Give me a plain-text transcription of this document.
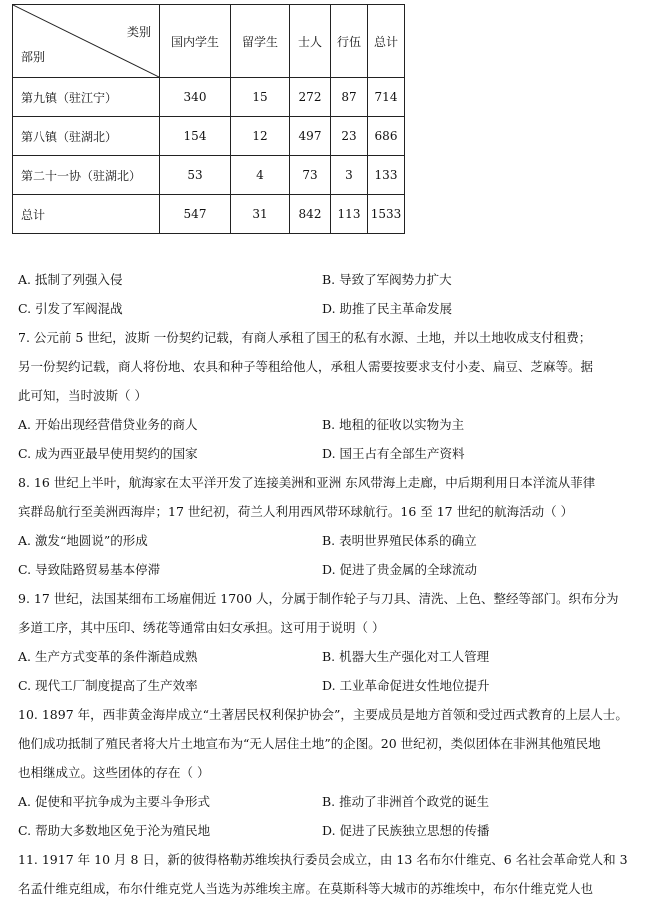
类别
部别	国内学生	留学生	士人	行伍	总计
第九镇（驻江宁）	340	15	272	87	714
第八镇（驻湖北）	154	12	497	23	686
第二十一协（驻湖北）	53	4	73	3	133
总计	547	31	842	113	1533
A. 抵制了列强入侵	B. 导致了军阀势力扩大
C. 引发了军阀混战	D. 助推了民主革命发展
7. 公元前 5 世纪，波斯 一份契约记载，有商人承租了国王的私有水源、土地，并以土地收成支付租费；
另一份契约记载，商人将份地、农具和种子等租给他人，承租人需要按要求支付小麦、扁豆、芝麻等。据
此可知，当时波斯（ ）
A. 开始出现经营借贷业务的商人	B. 地租的征收以实物为主
C. 成为西亚最早使用契约的国家	D. 国王占有全部生产资料
8. 16 世纪上半叶，航海家在太平洋开发了连接美洲和亚洲 东风带海上走廊，中后期利用日本洋流从菲律
宾群岛航行至美洲西海岸；17 世纪初，荷兰人利用西风带环球航行。16 至 17 世纪的航海活动（ ）
A. 激发“地圆说”的形成	B. 表明世界殖民体系的确立
C. 导致陆路贸易基本停滞	D. 促进了贵金属的全球流动
9. 17 世纪，法国某细布工场雇佣近 1700 人，分属于制作轮子与刀具、清洗、上色、整经等部门。织布分为
多道工序，其中压印、绣花等通常由妇女承担。这可用于说明（ ）
A. 生产方式变革的条件渐趋成熟	B. 机器大生产强化对工人管理
C. 现代工厂制度提高了生产效率	D. 工业革命促进女性地位提升
10. 1897 年，西非黄金海岸成立“土著居民权利保护协会”，主要成员是地方首领和受过西式教育的上层人士。
他们成功抵制了殖民者将大片土地宣布为“无人居住土地”的企图。20 世纪初，类似团体在非洲其他殖民地
也相继成立。这些团体的存在（ ）
A. 促使和平抗争成为主要斗争形式	B. 推动了非洲首个政党的诞生
C. 帮助大多数地区免于沦为殖民地	D. 促进了民族独立思想的传播
11. 1917 年 10 月 8 日，新的彼得格勒苏维埃执行委员会成立，由 13 名布尔什维克、6 名社会革命党人和 3
名孟什维克组成，布尔什维克党人当选为苏维埃主席。在莫斯科等大城市的苏维埃中，布尔什维克党人也
